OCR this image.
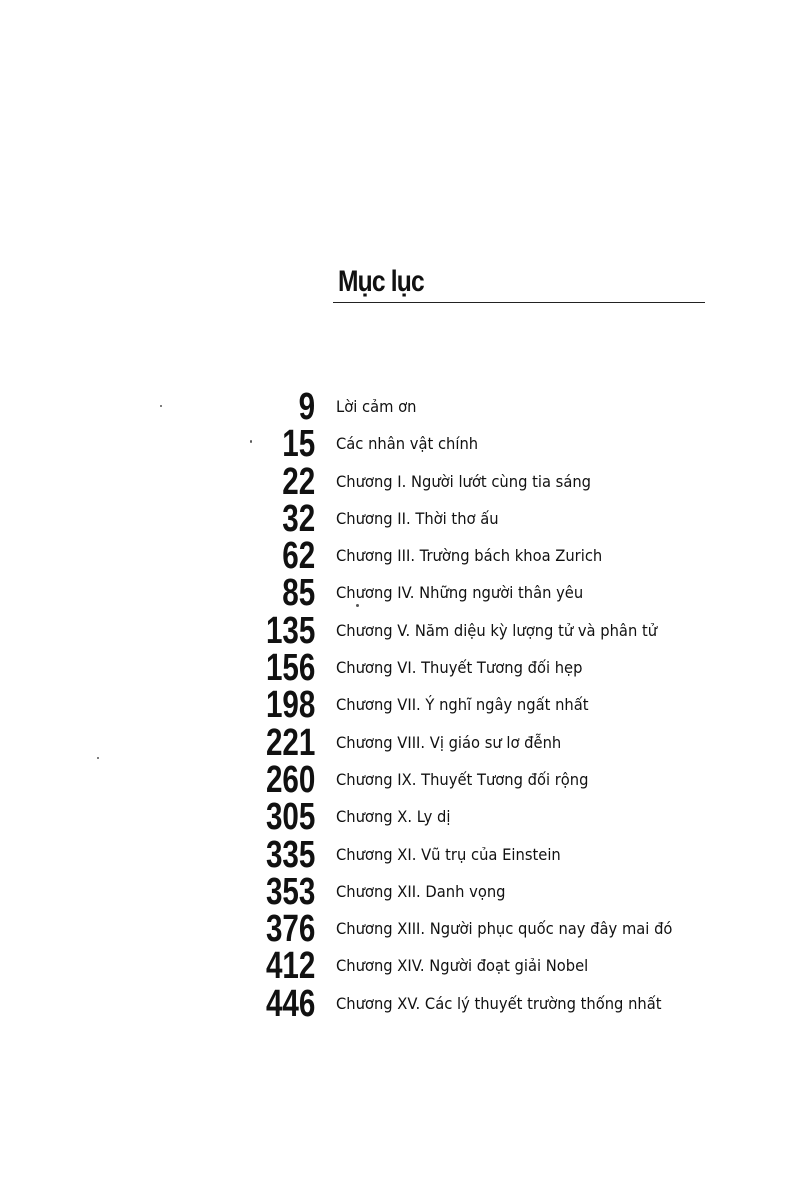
Mục lục
9 Lời cảm ơn
15 Các nhân vật chính
22 Chương I. Người lướt cùng tia sáng
32 Chương II. Thời thơ ấu
62 Chương III. Trường bách khoa Zurich
85 Chương IV. Những người thân yêu
135 Chương V. Năm diệu kỳ lượng tử và phân tử
156 Chương VI. Thuyết Tương đối hẹp
198 Chương VII. Ý nghĩ ngây ngất nhất
221 Chương VIII. Vị giáo sư lơ đễnh
260 Chương IX. Thuyết Tương đối rộng
305 Chương X. Ly dị
335 Chương XI. Vũ trụ của Einstein
353 Chương XII. Danh vọng
376 Chương XIII. Người phục quốc nay đây mai đó
412 Chương XIV. Người đoạt giải Nobel
446 Chương XV. Các lý thuyết trường thống nhất
